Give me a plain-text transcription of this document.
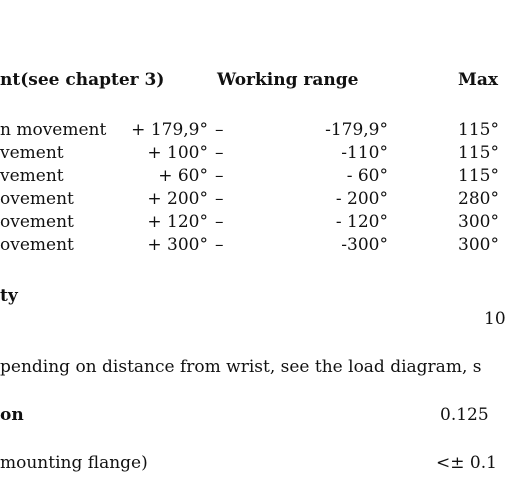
nt(see chapter 3)	Working range	Max
n movement + 179,9° –	-179,9°	115°
vement	+ 100° –	-110°	115°
vement	+ 60° –	- 60°	115°
ovement	+ 200° –	- 200°	280°
ovement	+ 120° –	- 120°	300°
ovement	+ 300° –	-300°	300°
ty
10
pending on distance from wrist, see the load diagram, s
on	0.125
mounting flange)	<± 0.1
